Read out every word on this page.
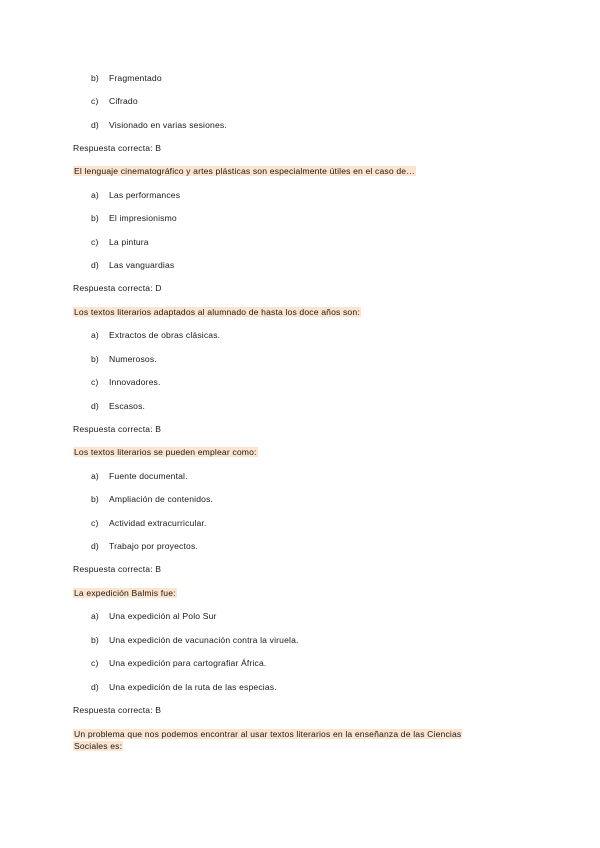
b) Fragmentado
c) Cifrado
d) Visionado en varias sesiones.
Respuesta correcta: B
El lenguaje cinematográfico y artes plásticas son especialmente útiles en el caso de…
a) Las performances
b) El impresionismo
c) La pintura
d) Las vanguardias
Respuesta correcta: D
Los textos literarios adaptados al alumnado de hasta los doce años son:
a) Extractos de obras clásicas.
b) Numerosos.
c) Innovadores.
d) Escasos.
Respuesta correcta: B
Los textos literarios se pueden emplear como:
a) Fuente documental.
b) Ampliación de contenidos.
c) Actividad extracurricular.
d) Trabajo por proyectos.
Respuesta correcta: B
La expedición Balmis fue:
a) Una expedición al Polo Sur
b) Una expedición de vacunación contra la viruela.
c) Una expedición para cartografiar África.
d) Una expedición de la ruta de las especias.
Respuesta correcta: B
Un problema que nos podemos encontrar al usar textos literarios en la enseñanza de las Ciencias
Sociales es:
